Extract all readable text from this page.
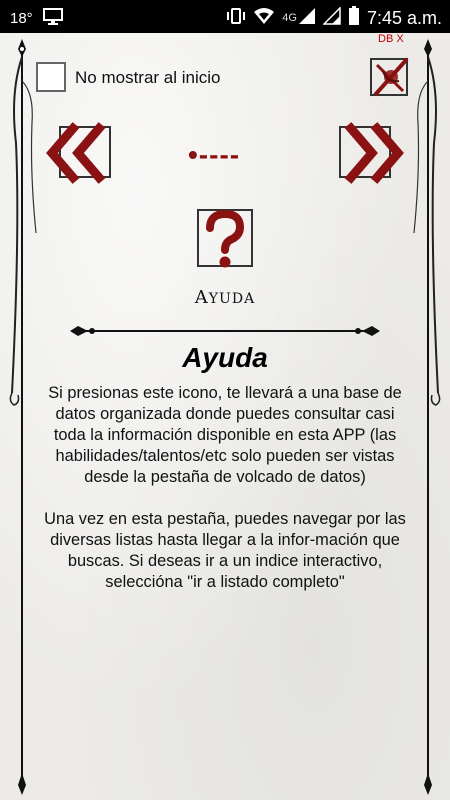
18°	4G	7:45 a.m.
No mostrar al inicio
DB X
•----
AYUDA
Ayuda

Si presionas este icono, te llevará a una base de datos organizada donde puedes consultar casi toda la información disponible en esta APP (las habilidades/talentos/etc solo pueden ser vistas desde la pestaña de volcado de datos)

Una vez en esta pestaña, puedes navegar por las diversas listas hasta llegar a la infor-mación que buscas. Si deseas ir a un indice interactivo, seleccióna "ir a listado completo"
